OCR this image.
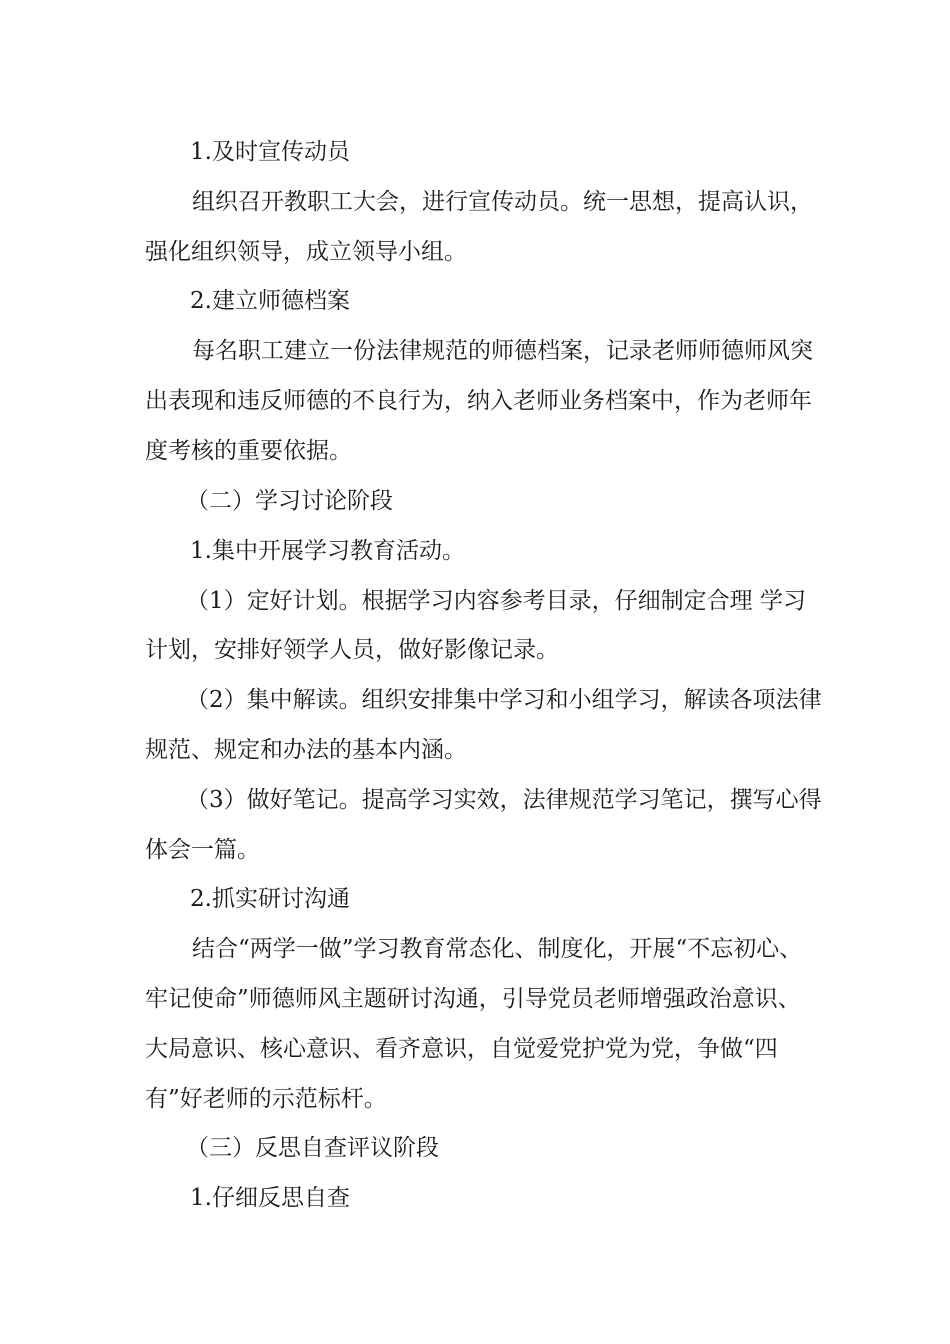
1.及时宣传动员
组织召开教职工大会，进行宣传动员。统一思想，提高认识，
强化组织领导，成立领导小组。
2.建立师德档案
每名职工建立一份法律规范的师德档案，记录老师师德师风突
出表现和违反师德的不良行为，纳入老师业务档案中，作为老师年
度考核的重要依据。
（二）学习讨论阶段
1.集中开展学习教育活动。
（1）定好计划。根据学习内容参考目录，仔细制定合理 学习
计划，安排好领学人员，做好影像记录。
（2）集中解读。组织安排集中学习和小组学习，解读各项法律
规范、规定和办法的基本内涵。
（3）做好笔记。提高学习实效，法律规范学习笔记，撰写心得
体会一篇。
2.抓实研讨沟通
结合“两学一做”学习教育常态化、制度化，开展“不忘初心、
牢记使命”师德师风主题研讨沟通，引导党员老师增强政治意识、
大局意识、核心意识、看齐意识，自觉爱党护党为党，争做“四
有”好老师的示范标杆。
（三）反思自查评议阶段
1.仔细反思自查
